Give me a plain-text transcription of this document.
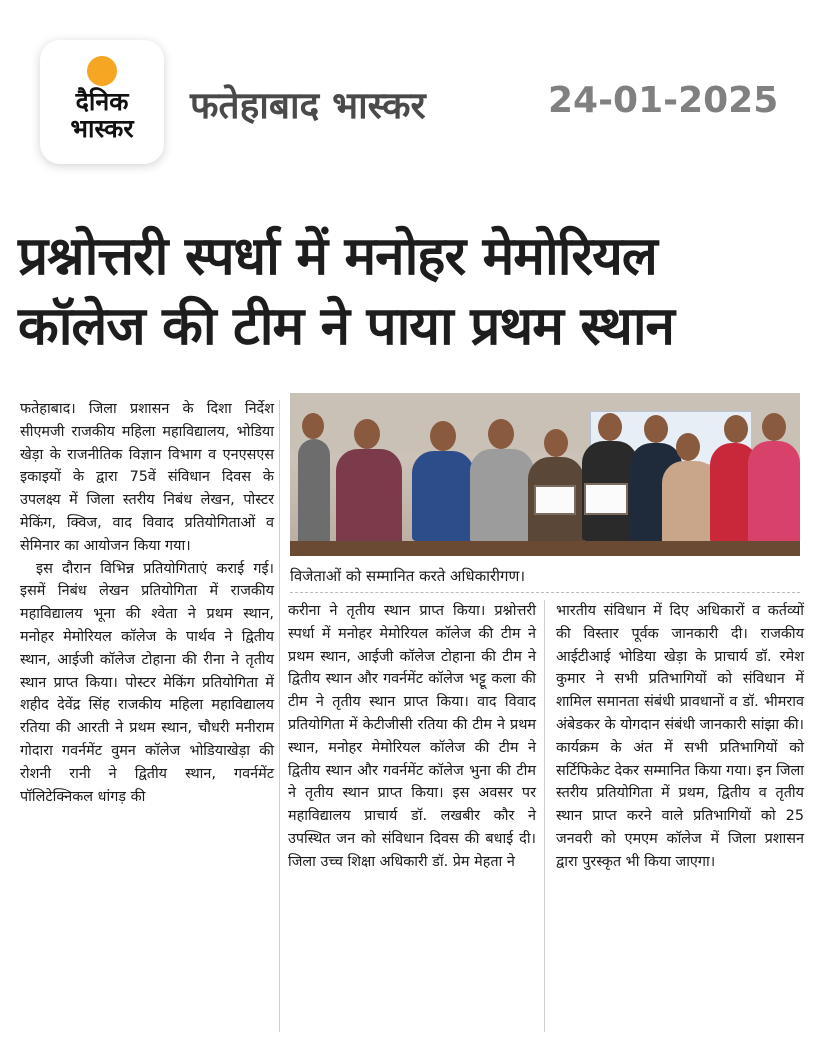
दैनिक
भास्कर
फतेहाबाद भास्कर	24-01-2025
प्रश्नोत्तरी स्पर्धा में मनोहर मेमोरियल
कॉलेज की टीम ने पाया प्रथम स्थान

फतेहाबाद। जिला प्रशासन के दिशा निर्देश सीएमजी राजकीय महिला महाविद्यालय, भोडिया खेड़ा के राजनीतिक विज्ञान विभाग व एनएसएस इकाइयों के द्वारा 75वें संविधान दिवस के उपलक्ष्य में जिला स्तरीय निबंध लेखन, पोस्टर मेकिंग, क्विज, वाद विवाद प्रतियोगिताओं व सेमिनार का आयोजन किया गया।

इस दौरान विभिन्न प्रतियोगिताएं कराई गई। इसमें निबंध लेखन प्रतियोगिता में राजकीय महाविद्यालय भूना की श्वेता ने प्रथम स्थान, मनोहर मेमोरियल कॉलेज के पार्थव ने द्वितीय स्थान, आईजी कॉलेज टोहाना की रीना ने तृतीय स्थान प्राप्त किया। पोस्टर मेकिंग प्रतियोगिता में शहीद देवेंद्र सिंह राजकीय महिला महाविद्यालय रतिया की आरती ने प्रथम स्थान, चौधरी मनीराम गोदारा गवर्नमेंट वुमन कॉलेज भोडियाखेड़ा की रोशनी रानी ने द्वितीय स्थान, गवर्नमेंट पॉलिटेक्निकल धांगड़ की

विजेताओं को सम्मानित करते अधिकारीगण।

करीना ने तृतीय स्थान प्राप्त किया। प्रश्नोत्तरी स्पर्धा में मनोहर मेमोरियल कॉलेज की टीम ने प्रथम स्थान, आईजी कॉलेज टोहाना की टीम ने द्वितीय स्थान और गवर्नमेंट कॉलेज भट्टू कला की टीम ने तृतीय स्थान प्राप्त किया। वाद विवाद प्रतियोगिता में केटीजीसी रतिया की टीम ने प्रथम स्थान, मनोहर मेमोरियल कॉलेज की टीम ने द्वितीय स्थान और गवर्नमेंट कॉलेज भुना की टीम ने तृतीय स्थान प्राप्त किया। इस अवसर पर महाविद्यालय प्राचार्य डॉ. लखबीर कौर ने उपस्थित जन को संविधान दिवस की बधाई दी। जिला उच्च शिक्षा अधिकारी डॉ. प्रेम मेहता ने

भारतीय संविधान में दिए अधिकारों व कर्तव्यों की विस्तार पूर्वक जानकारी दी। राजकीय आईटीआई भोडिया खेड़ा के प्राचार्य डॉ. रमेश कुमार ने सभी प्रतिभागियों को संविधान में शामिल समानता संबंधी प्रावधानों व डॉ. भीमराव अंबेडकर के योगदान संबंधी जानकारी सांझा की। कार्यक्रम के अंत में सभी प्रतिभागियों को सर्टिफिकेट देकर सम्मानित किया गया। इन जिला स्तरीय प्रतियोगिता में प्रथम, द्वितीय व तृतीय स्थान प्राप्त करने वाले प्रतिभागियों को 25 जनवरी को एमएम कॉलेज में जिला प्रशासन द्वारा पुरस्कृत भी किया जाएगा।
